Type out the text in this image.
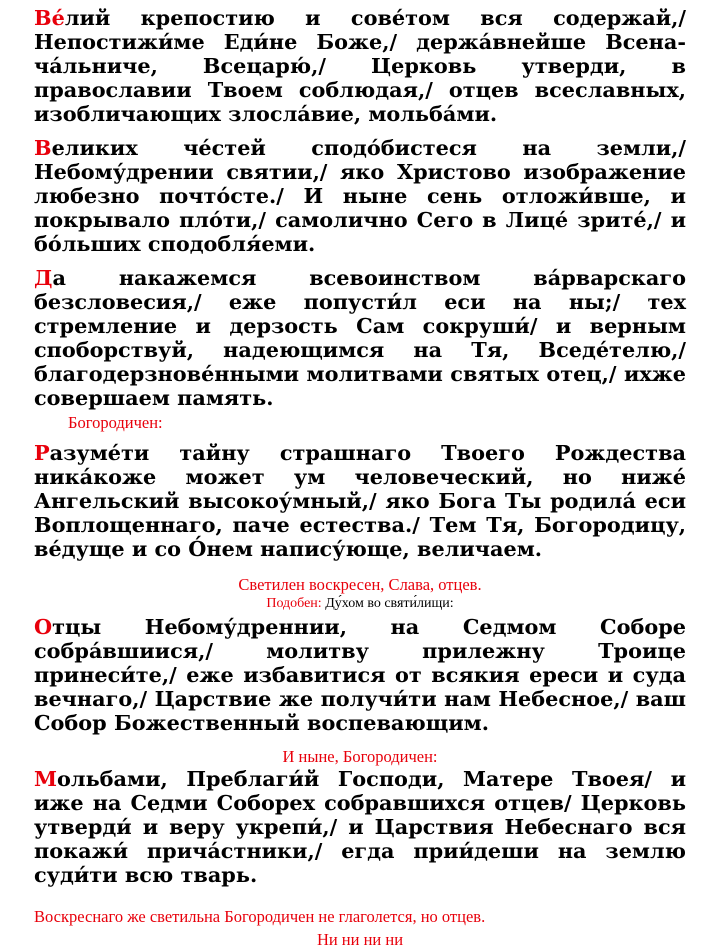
Ве́лий крепостию и сове́том вся содержай,/ Непостижи́ме Еди́не Боже,/ держа́внейше Всена-ча́льниче, Всецарю́,/ Церковь утверди, в православии Твоем соблюдая,/ отцев всеславных, изобличающих злосла́вие, мольба́ми.

Великих че́стей сподо́бистеся на земли,/ Небому́дрении святии,/ яко Христово изображение любезно почто́сте./ И ныне сень отложи́вше, и покрывало пло́ти,/ самолично Сего в Лице́ зрите́,/ и бо́льших сподобля́еми.

Да накажемся всевоинством ва́рварскаго безсловесия,/ еже попусти́л еси на ны;/ тех стремление и дерзость Сам сокруши́/ и верным споборствуй, надеющимся на Тя, Вседе́телю,/ благодерзнове́нными молитвами святых отец,/ ихже совершаем память.

Богородичен:

Разуме́ти тайну страшнаго Твоего Рождества ника́коже может ум человеческий, но ниже́ Ангельский высокоу́мный,/ яко Бога Ты родила́ еси Воплощеннаго, паче естества./ Тем Тя, Богородицу, ве́дуще и со О́нем напису́юще, величаем.

Светилен воскресен, Слава, отцев.

Подобен: Ду́хом во святи́лищи:

Отцы Небому́дреннии, на Седмом Соборе собра́вшиися,/ молитву прилежну Троице принеси́те,/ еже избавитися от всякия ереси и суда вечнаго,/ Царствие же получи́ти нам Небесное,/ ваш Собор Божественный воспевающим.

И ныне, Богородичен:

Мольбами, Преблаги́й Господи, Матере Твоея/ и иже на Седми Соборех собравшихся отцев/ Церковь утверди́ и веру укрепи́,/ и Царствия Небеснаго вся покажи́ прича́стники,/ егда прии́деши на землю суди́ти всю тварь.

Воскреснаго же светильна Богородичен не глаголется, но отцев.

Ни ни ни ни
